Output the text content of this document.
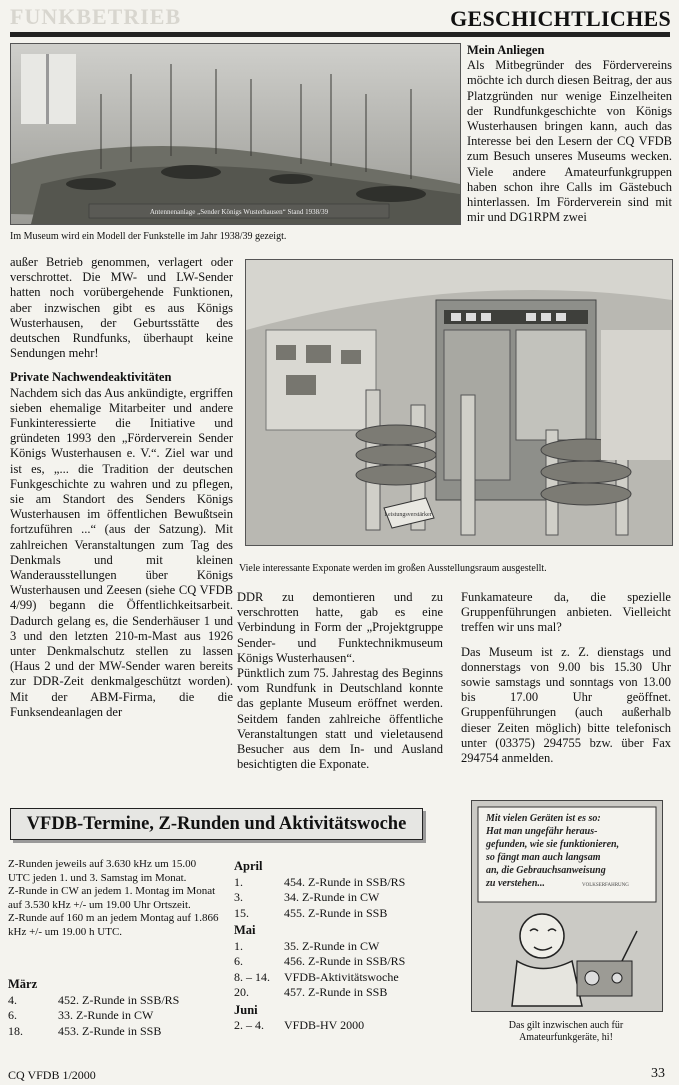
FUNKBETRIEB	GESCHICHTLICHES
Antennenanlage „Sender Königs Wusterhausen“ Stand 1938/39
Im Museum wird ein Modell der Funkstelle im Jahr 1938/39 gezeigt.
Mein Anliegen
Als Mitbegründer des Fördervereins möchte ich durch diesen Beitrag, der aus Platzgründen nur wenige Einzelheiten der Rundfunkgeschichte von Königs Wusterhausen bringen kann, auch das Interesse bei den Lesern der CQ VFDB zum Besuch unseres Museums wecken. Viele andere Amateurfunkgruppen haben schon ihre Calls im Gästebuch hinterlassen. Im Förderverein sind mit mir und DG1RPM zwei

außer Betrieb genommen, verlagert oder verschrottet. Die MW- und LW-Sender hatten noch vorübergehende Funktionen, aber inzwischen gibt es aus Königs Wusterhausen, der Geburtsstätte des deutschen Rundfunks, überhaupt keine Sendungen mehr!

Private Nachwendeaktivitäten
Nachdem sich das Aus ankündigte, ergriffen sieben ehemalige Mitarbeiter und andere Funkinteressierte die Initiative und gründeten 1993 den „Förderverein Sender Königs Wusterhausen e. V.“. Ziel war und ist es, „... die Tradition der deutschen Funkgeschichte zu wahren und zu pflegen, sie am Standort des Senders Königs Wusterhausen im öffentlichen Bewußtsein fortzuführen ...“ (aus der Satzung). Mit zahlreichen Veranstaltungen zum Tag des Denkmals und mit kleinen Wanderausstellungen über Königs Wusterhausen und Zeesen (siehe CQ VFDB 4/99) begann die Öffentlichkeitsarbeit. Dadurch gelang es, die Senderhäuser 1 und 3 und den letzten 210-m-Mast aus 1926 unter Denkmalschutz stellen zu lassen (Haus 2 und der MW-Sender waren bereits zur DDR-Zeit denkmalgeschützt worden). Mit der ABM-Firma, die die Funksendeanlagen der
Leistungsverstärker
Viele interessante Exponate werden im großen Ausstellungsraum ausgestellt.
DDR zu demontieren und zu verschrotten hatte, gab es eine Verbindung in Form der „Projektgruppe Sender- und Funktechnikmuseum Königs Wusterhausen“.
Pünktlich zum 75. Jahrestag des Beginns vom Rundfunk in Deutschland konnte das geplante Museum eröffnet werden. Seitdem fanden zahlreiche öffentliche Veranstaltungen statt und vieletausend Besucher aus dem In- und Ausland besichtigten die Exponate.

Funkamateure da, die spezielle Gruppenführungen anbieten. Vielleicht treffen wir uns mal?

Das Museum ist z. Z. dienstags und donnerstags von 9.00 bis 15.30 Uhr sowie samstags und sonntags von 13.00 bis 17.00 Uhr geöffnet. Gruppenführungen (auch außerhalb dieser Zeiten möglich) bitte telefonisch unter (03375) 294755 bzw. über Fax 294754 anmelden.
VFDB-Termine, Z-Runden und Aktivitätswoche
Z-Runden jeweils auf 3.630 kHz um 15.00 UTC jeden 1. und 3. Samstag im Monat.
Z-Runde in CW an jedem 1. Montag im Monat auf 3.530 kHz +/- um 19.00 Uhr Ortszeit.
Z-Runde auf 160 m an jedem Montag auf 1.866 kHz +/- um 19.00 h UTC.
März
4.	452. Z-Runde in SSB/RS
6.	33. Z-Runde in CW
18.	453. Z-Runde in SSB
April
1.	454. Z-Runde in SSB/RS
3.	34. Z-Runde in CW
15.	455. Z-Runde in SSB
Mai
1.	35. Z-Runde in CW
6.	456. Z-Runde in SSB/RS
8. – 14.	VFDB-Aktivitätswoche
20.	457. Z-Runde in SSB
Juni
2. – 4.	VFDB-HV 2000
Mit vielen Geräten ist es so:
Hat man ungefähr heraus-
gefunden, wie sie funktionieren,
so fängt man auch langsam
an, die Gebrauchsanweisung
zu verstehen...	VOLKSERFAHRUNG
Das gilt inzwischen auch für
Amateurfunkgeräte, hi!
CQ VFDB 1/2000	33
